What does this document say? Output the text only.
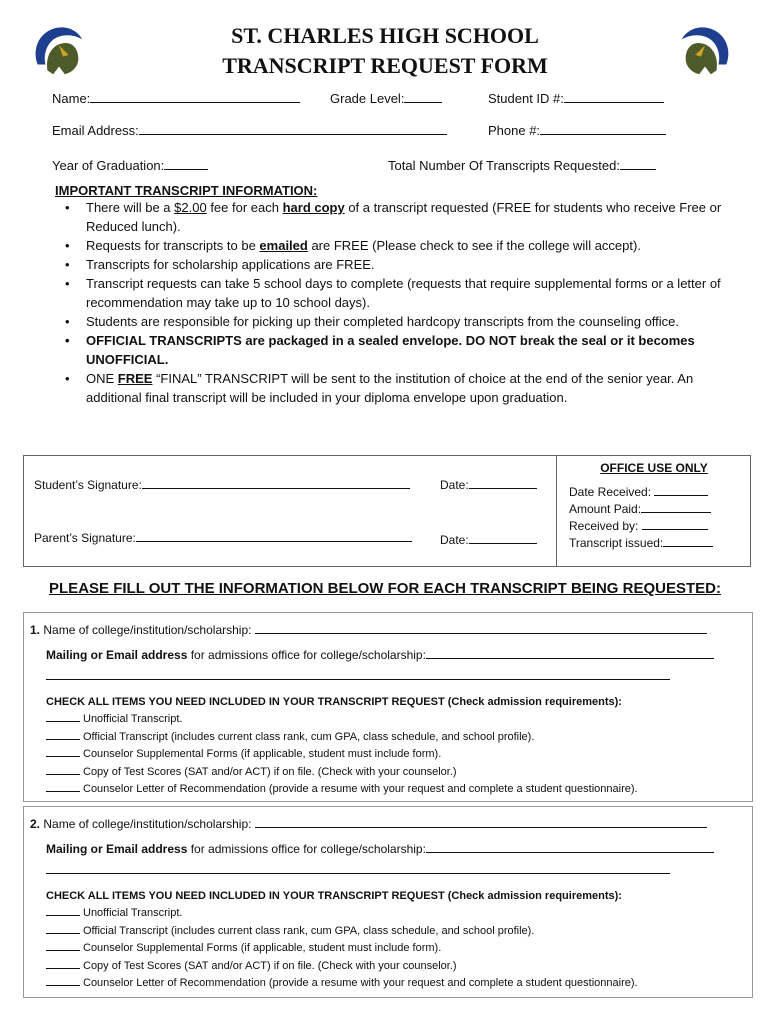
ST. CHARLES HIGH SCHOOL
TRANSCRIPT REQUEST FORM
Name:	Grade Level:	Student ID #:
Email Address:	Phone #:
Year of Graduation:	Total Number Of Transcripts Requested:
IMPORTANT TRANSCRIPT INFORMATION:
• There will be a $2.00 fee for each hard copy of a transcript requested (FREE for students who receive Free or Reduced lunch).
• Requests for transcripts to be emailed are FREE (Please check to see if the college will accept).
• Transcripts for scholarship applications are FREE.
• Transcript requests can take 5 school days to complete (requests that require supplemental forms or a letter of recommendation may take up to 10 school days).
• Students are responsible for picking up their completed hardcopy transcripts from the counseling office.
• OFFICIAL TRANSCRIPTS are packaged in a sealed envelope. DO NOT break the seal or it becomes UNOFFICIAL.
• ONE FREE “FINAL” TRANSCRIPT will be sent to the institution of choice at the end of the senior year. An additional final transcript will be included in your diploma envelope upon graduation.
Student’s Signature:	Date:
Parent’s Signature:	Date:
OFFICE USE ONLY
Date Received:
Amount Paid:
Received by:
Transcript issued:
PLEASE FILL OUT THE INFORMATION BELOW FOR EACH TRANSCRIPT BEING REQUESTED:
1. Name of college/institution/scholarship:
Mailing or Email address for admissions office for college/scholarship:
CHECK ALL ITEMS YOU NEED INCLUDED IN YOUR TRANSCRIPT REQUEST (Check admission requirements):
Unofficial Transcript.
Official Transcript (includes current class rank, cum GPA, class schedule, and school profile).
Counselor Supplemental Forms (if applicable, student must include form).
Copy of Test Scores (SAT and/or ACT) if on file. (Check with your counselor.)
Counselor Letter of Recommendation (provide a resume with your request and complete a student questionnaire).
2. Name of college/institution/scholarship:
Mailing or Email address for admissions office for college/scholarship:
CHECK ALL ITEMS YOU NEED INCLUDED IN YOUR TRANSCRIPT REQUEST (Check admission requirements):
Unofficial Transcript.
Official Transcript (includes current class rank, cum GPA, class schedule, and school profile).
Counselor Supplemental Forms (if applicable, student must include form).
Copy of Test Scores (SAT and/or ACT) if on file. (Check with your counselor.)
Counselor Letter of Recommendation (provide a resume with your request and complete a student questionnaire).
